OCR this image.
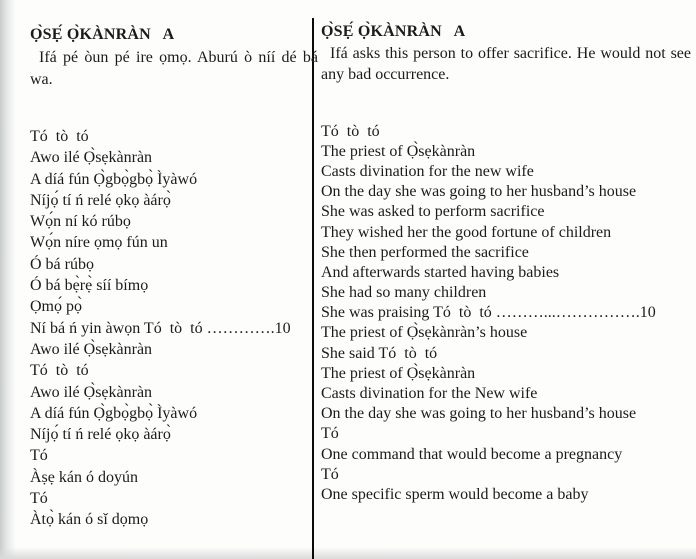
Ọ̀SẸ́ Ọ̀KÀNRÀN   A
Ifá pé òun pé ire ọmọ. Aburú ò níí dé bá wa.
Tó  tò  tó
Awo ilé Ọ̀sẹkànràn
A díá fún Ọ̀gbọ̀gbọ̀ Ìyàwó
Níjọ́ tí ń relé ọkọ àárọ̀
Wọ́n ní kó rúbọ
Wọ́n níre ọmọ fún un
Ó bá rúbọ
Ó bá bẹ̀rẹ̀ síí bímọ
Ọmọ́ pọ̀
Ní bá ń yin àwọn Tó  tò  tó ………….10
Awo ilé Ọ̀sẹkànràn
Tó  tò  tó
Awo ilé Ọ̀sẹkànràn
A díá fún Ọ̀gbọ̀gbọ̀ Ìyàwó
Níjọ́ tí ń relé ọkọ àárọ̀
Tó
Àṣẹ kán ó doyún
Tó
Àtọ̀ kán ó sǐ dọmọ
Ọ̀SẸ́ Ọ̀KÀNRÀN   A
Ifá asks this person to offer sacrifice. He would not see any bad occurrence.
Tó  tò  tó
The priest of Ọ̀sẹkànràn
Casts divination for the new wife
On the day she was going to her husband’s house
She was asked to perform sacrifice
They wished her the good fortune of children
She then performed the sacrifice
And afterwards started having babies
She had so many children
She was praising Tó  tò  tó ………...…………….10
The priest of Ọ̀sẹkànràn’s house
She said Tó  tò  tó
The priest of Ọ̀sẹkànràn
Casts divination for the New wife
On the day she was going to her husband’s house
Tó
One command that would become a pregnancy
Tó
One specific sperm would become a baby
